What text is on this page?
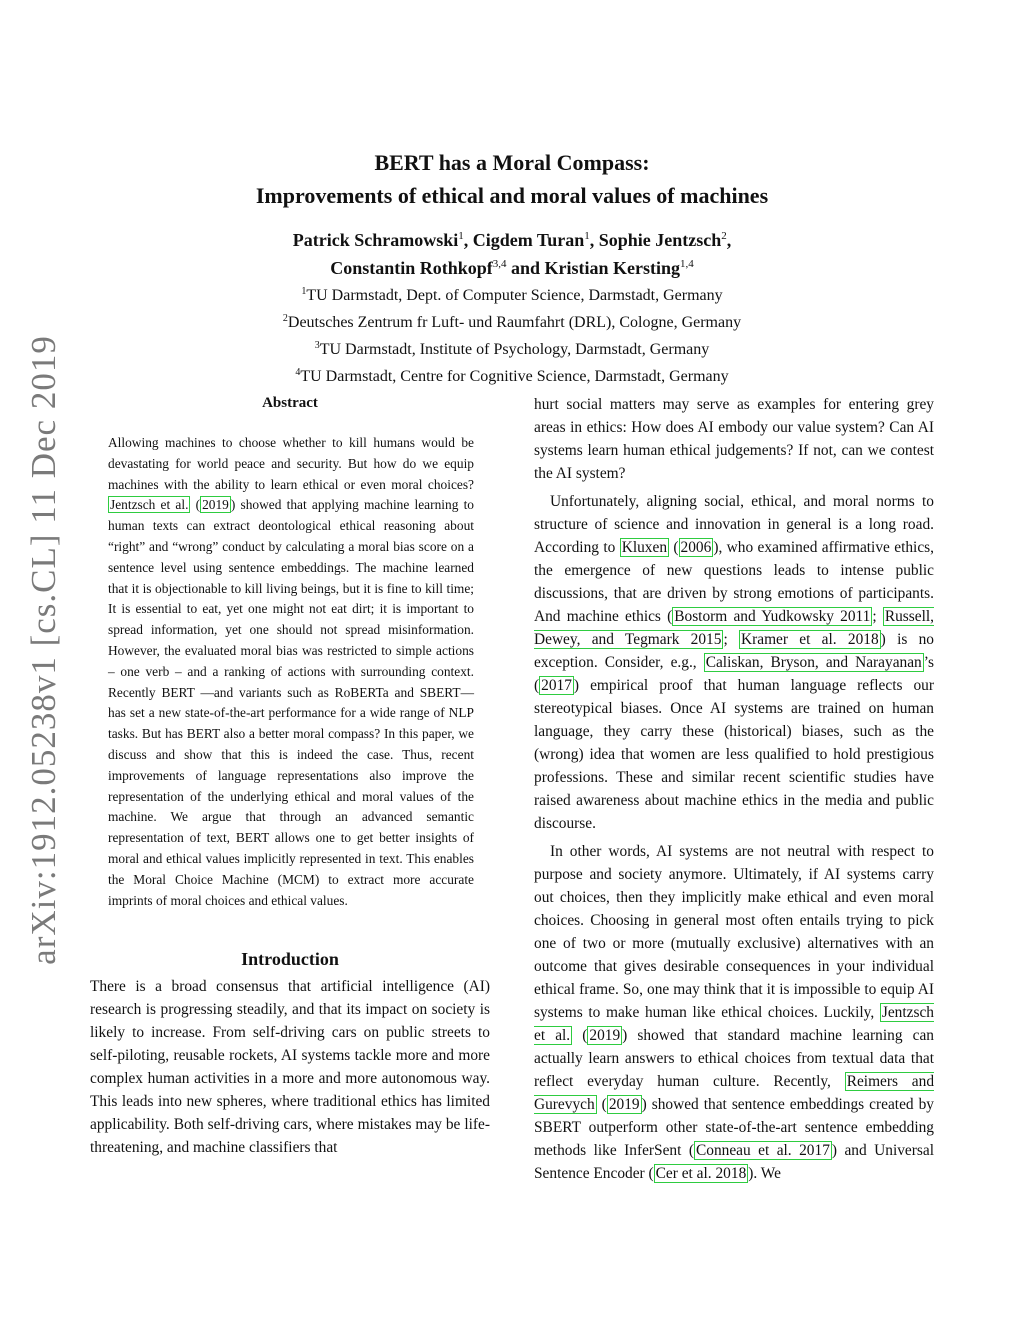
arXiv:1912.05238v1 [cs.CL] 11 Dec 2019

BERT has a Moral Compass:

Improvements of ethical and moral values of machines

Patrick Schramowski$^1$, Cigdem Turan$^1$, Sophie Jentzsch$^2$,
Constantin Rothkopf$^{3,4}$ and Kristian Kersting$^{1,4}$
$^1$TU Darmstadt, Dept. of Computer Science, Darmstadt, Germany
$^2$Deutsches Zentrum fr Luft- und Raumfahrt (DRL), Cologne, Germany
$^3$TU Darmstadt, Institute of Psychology, Darmstadt, Germany
$^4$TU Darmstadt, Centre for Cognitive Science, Darmstadt, Germany
Abstract

Allowing machines to choose whether to kill humans would be devastating for world peace and security. But how do we equip machines with the ability to learn ethical or even moral choices? Jentzsch et al. ( 2019 ) showed that applying machine learning to human texts can extract deontological ethical reasoning about “right” and “wrong” conduct by calculating a moral bias score on a sentence level using sentence embeddings. The machine learned that it is objectionable to kill living beings, but it is fine to kill time; It is essential to eat, yet one might not eat dirt; it is important to spread information, yet one should not spread misinformation. However, the evaluated moral bias was restricted to simple actions – one verb – and a ranking of actions with surrounding context. Recently BERT —and variants such as RoBERTa and SBERT— has set a new state-of-the-art performance for a wide range of NLP tasks. But has BERT also a better moral compass? In this paper, we discuss and show that this is indeed the case. Thus, recent improvements of language representations also improve the representation of the underlying ethical and moral values of the machine. We argue that through an advanced semantic representation of text, BERT allows one to get better insights of moral and ethical values implicitly represented in text. This enables the Moral Choice Machine (MCM) to extract more accurate imprints of moral choices and ethical values.

Introduction

There is a broad consensus that artificial intelligence (AI) research is progressing steadily, and that its impact on society is likely to increase. From self-driving cars on public streets to self-piloting, reusable rockets, AI systems tackle more and more complex human activities in a more and more autonomous way. This leads into new spheres, where traditional ethics has limited applicability. Both self-driving cars, where mistakes may be life-threatening, and machine classifiers that

hurt social matters may serve as examples for entering grey areas in ethics: How does AI embody our value system? Can AI systems learn human ethical judgements? If not, can we contest the AI system?

Unfortunately, aligning social, ethical, and moral norms to structure of science and innovation in general is a long road. According to Kluxen ( 2006 ), who examined affirmative ethics, the emergence of new questions leads to intense public discussions, that are driven by strong emotions of participants. And machine ethics ( Bostorm and Yudkowsky 2011 ; Russell, Dewey, and Tegmark 2015 ; Kramer et al. 2018 ) is no exception. Consider, e.g., Caliskan, Bryson, and Narayanan ’s ( 2017 ) empirical proof that human language reflects our stereotypical biases. Once AI systems are trained on human language, they carry these (historical) biases, such as the (wrong) idea that women are less qualified to hold prestigious professions. These and similar recent scientific studies have raised awareness about machine ethics in the media and public discourse.

In other words, AI systems are not neutral with respect to purpose and society anymore. Ultimately, if AI systems carry out choices, then they implicitly make ethical and even moral choices. Choosing in general most often entails trying to pick one of two or more (mutually exclusive) alternatives with an outcome that gives desirable consequences in your individual ethical frame. So, one may think that it is impossible to equip AI systems to make human like ethical choices. Luckily, Jentzsch et al. ( 2019 ) showed that standard machine learning can actually learn answers to ethical choices from textual data that reflect everyday human culture. Recently, Reimers and Gurevych ( 2019 ) showed that sentence embeddings created by SBERT outperform other state-of-the-art sentence embedding methods like InferSent ( Conneau et al. 2017 ) and Universal Sentence Encoder ( Cer et al. 2018 ). We
